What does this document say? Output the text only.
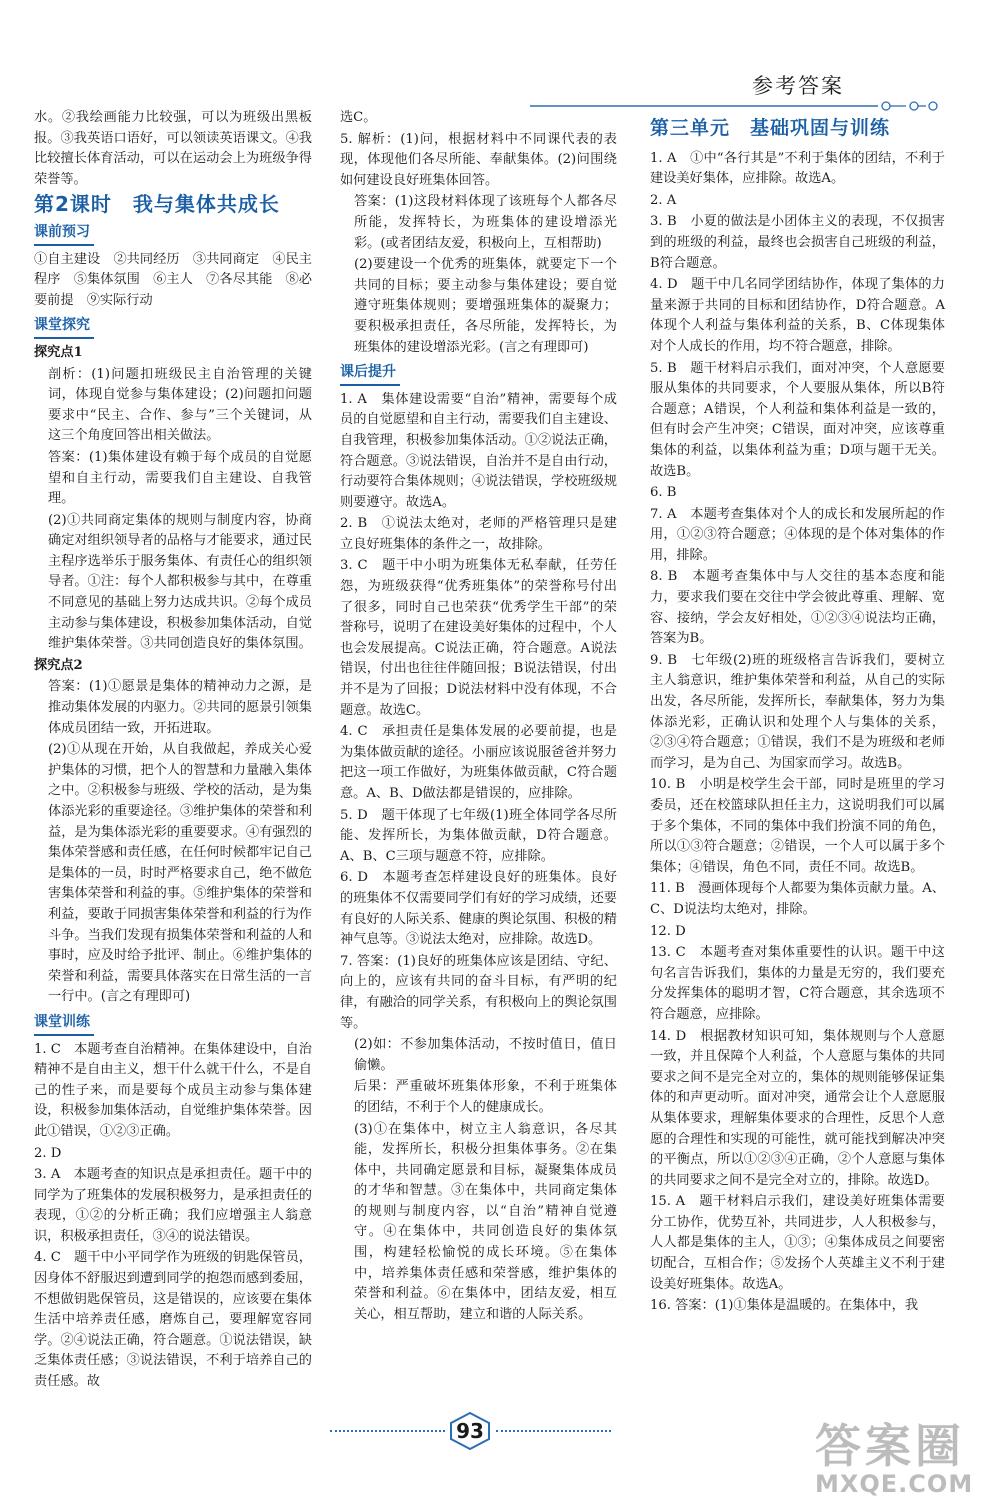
参考答案
水。②我绘画能力比较强，可以为班级出黑板报。③我英语口语好，可以领读英语课文。④我比较擅长体育活动，可以在运动会上为班级争得荣誉等。
第2课时　我与集体共成长
课前预习
①自主建设　②共同经历　③共同商定　④民主程序　⑤集体氛围　⑥主人　⑦各尽其能　⑧必要前提　⑨实际行动
课堂探究
探究点1
剖析：(1)问题扣班级民主自治管理的关键词，体现自觉参与集体建设；(2)问题扣问题要求中“民主、合作、参与”三个关键词，从这三个角度回答出相关做法。
答案：(1)集体建设有赖于每个成员的自觉愿望和自主行动，需要我们自主建设、自我管理。
(2)①共同商定集体的规则与制度内容，协商确定对组织领导者的品格与才能要求，通过民主程序选举乐于服务集体、有责任心的组织领导者。①注：每个人都积极参与其中，在尊重不同意见的基础上努力达成共识。②每个成员主动参与集体建设，积极参加集体活动，自觉维护集体荣誉。③共同创造良好的集体氛围。
探究点2
答案：(1)①愿景是集体的精神动力之源，是推动集体发展的内驱力。②共同的愿景引领集体成员团结一致，开拓进取。
(2)①从现在开始，从自我做起，养成关心爱护集体的习惯，把个人的智慧和力量融入集体之中。②积极参与班级、学校的活动，是为集体添光彩的重要途径。③维护集体的荣誉和利益，是为集体添光彩的重要要求。④有强烈的集体荣誉感和责任感，在任何时候都牢记自己是集体的一员，时时严格要求自己，绝不做危害集体荣誉和利益的事。⑤维护集体的荣誉和利益，要敢于同损害集体荣誉和利益的行为作斗争。当我们发现有损集体荣誉和利益的人和事时，应及时给予批评、制止。⑥维护集体的荣誉和利益，需要具体落实在日常生活的一言一行中。(言之有理即可)
课堂训练
1. C　本题考查自治精神。在集体建设中，自治精神不是自由主义，想干什么就干什么，不是自己的性子来，而是要每个成员主动参与集体建设，积极参加集体活动，自觉维护集体荣誉。因此①错误，①②③正确。
2. D
3. A　本题考查的知识点是承担责任。题干中的同学为了班集体的发展积极努力，是承担责任的表现，①②的分析正确；我们应增强主人翁意识，积极承担责任，③④的说法错误。
4. C　题干中小平同学作为班级的钥匙保管员，因身体不舒服迟到遭到同学的抱怨而感到委屈，不想做钥匙保管员，这是错误的，应该要在集体生活中培养责任感，磨炼自己，要理解宽容同学。②④说法正确，符合题意。①说法错误，缺乏集体责任感；③说法错误，不利于培养自己的责任感。故
选C。
5. 解析：(1)问，根据材料中不同课代表的表现，体现他们各尽所能、奉献集体。(2)问围绕如何建设良好班集体回答。
答案：(1)这段材料体现了该班每个人都各尽所能，发挥特长，为班集体的建设增添光彩。(或者团结友爱，积极向上，互相帮助)
(2)要建设一个优秀的班集体，就要定下一个共同的目标；要主动参与集体建设；要自觉遵守班集体规则；要增强班集体的凝聚力；要积极承担责任，各尽所能，发挥特长，为班集体的建设增添光彩。(言之有理即可)
课后提升
1. A　集体建设需要“自治”精神，需要每个成员的自觉愿望和自主行动，需要我们自主建设、自我管理，积极参加集体活动。①②说法正确，符合题意。③说法错误，自治并不是自由行动，行动要符合集体规则；④说法错误，学校班级规则要遵守。故选A。
2. B　①说法太绝对，老师的严格管理只是建立良好班集体的条件之一，故排除。
3. C　题干中小明为班集体无私奉献，任劳任怨，为班级获得“优秀班集体”的荣誉称号付出了很多，同时自己也荣获“优秀学生干部”的荣誉称号，说明了在建设美好集体的过程中，个人也会发展提高。C说法正确，符合题意。A说法错误，付出也往往伴随回报；B说法错误，付出并不是为了回报；D说法材料中没有体现，不合题意。故选C。
4. C　承担责任是集体发展的必要前提，也是为集体做贡献的途径。小丽应该说服爸爸并努力把这一项工作做好，为班集体做贡献，C符合题意。A、B、D做法都是错误的，应排除。
5. D　题干体现了七年级(1)班全体同学各尽所能、发挥所长，为集体做贡献，D符合题意。A、B、C三项与题意不符，应排除。
6. D　本题考查怎样建设良好的班集体。良好的班集体不仅需要同学们有好的学习成绩，还要有良好的人际关系、健康的舆论氛围、积极的精神气息等。③说法太绝对，应排除。故选D。
7. 答案：(1)良好的班集体应该是团结、守纪、向上的，应该有共同的奋斗目标，有严明的纪律，有融洽的同学关系，有积极向上的舆论氛围等。
(2)如：不参加集体活动，不按时值日，值日偷懒。
后果：严重破坏班集体形象，不利于班集体的团结，不利于个人的健康成长。
(3)①在集体中，树立主人翁意识，各尽其能，发挥所长，积极分担集体事务。②在集体中，共同确定愿景和目标，凝聚集体成员的才华和智慧。③在集体中，共同商定集体的规则与制度内容，以“自治”精神自觉遵守。④在集体中，共同创造良好的集体氛围，构建轻松愉悦的成长环境。⑤在集体中，培养集体责任感和荣誉感，维护集体的荣誉和利益。⑥在集体中，团结友爱，相互关心，相互帮助，建立和谐的人际关系。
第三单元　基础巩固与训练
1. A　①中“各行其是”不利于集体的团结，不利于建设美好集体，应排除。故选A。
2. A
3. B　小夏的做法是小团体主义的表现，不仅损害到的班级的利益，最终也会损害自己班级的利益，B符合题意。
4. D　题干中几名同学团结协作，体现了集体的力量来源于共同的目标和团结协作，D符合题意。A体现个人利益与集体利益的关系，B、C体现集体对个人成长的作用，均不符合题意，排除。
5. B　题干材料启示我们，面对冲突，个人意愿要服从集体的共同要求，个人要服从集体，所以B符合题意；A错误，个人利益和集体利益是一致的，但有时会产生冲突；C错误，面对冲突，应该尊重集体的利益，以集体利益为重；D项与题干无关。故选B。
6. B
7. A　本题考查集体对个人的成长和发展所起的作用，①②③符合题意；④体现的是个体对集体的作用，排除。
8. B　本题考查集体中与人交往的基本态度和能力，要求我们要在交往中学会彼此尊重、理解、宽容、接纳，学会友好相处，①②③④说法均正确，答案为B。
9. B　七年级(2)班的班级格言告诉我们，要树立主人翁意识，维护集体荣誉和利益，从自己的实际出发，各尽所能，发挥所长，奉献集体，努力为集体添光彩，正确认识和处理个人与集体的关系，②③④符合题意；①错误，我们不是为班级和老师而学习，是为自己、为国家而学习。故选B。
10. B　小明是校学生会干部，同时是班里的学习委员，还在校篮球队担任主力，这说明我们可以属于多个集体，不同的集体中我们扮演不同的角色，所以①③符合题意；②错误，一个人可以属于多个集体；④错误，角色不同，责任不同。故选B。
11. B　漫画体现每个人都要为集体贡献力量。A、C、D说法均太绝对，排除。
12. D
13. C　本题考查对集体重要性的认识。题干中这句名言告诉我们，集体的力量是无穷的，我们要充分发挥集体的聪明才智，C符合题意，其余选项不符合题意，应排除。
14. D　根据教材知识可知，集体规则与个人意愿一致，并且保障个人利益，个人意愿与集体的共同要求之间不是完全对立的，集体的规则能够保证集体的和声更动听。面对冲突，通常会让个人意愿服从集体要求，理解集体要求的合理性，反思个人意愿的合理性和实现的可能性，就可能找到解决冲突的平衡点，所以①②③④正确，②个人意愿与集体的共同要求之间不是完全对立的，排除。故选D。
15. A　题干材料启示我们，建设美好班集体需要分工协作，优势互补，共同进步，人人积极参与，人人都是集体的主人，①③；④集体成员之间要密切配合，互相合作；⑤发扬个人英雄主义不利于建设美好班集体。故选A。
16. 答案：(1)①集体是温暖的。在集体中，我
93	答案圈
MXQE.COM
